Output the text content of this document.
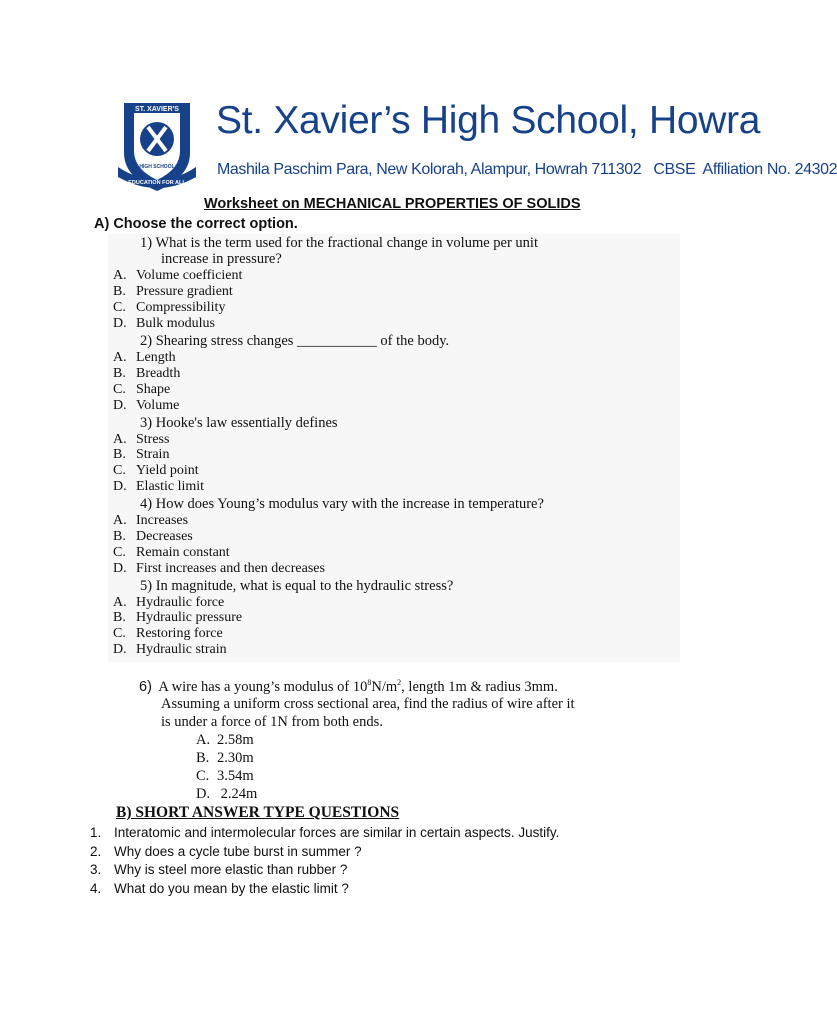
ST. XAVIER'S
EDUCATION FOR ALL
HIGH SCHOOL
St. Xavier’s High School, Howra
Mashila Paschim Para, New Kolorah, Alampur, Howrah 711302   CBSE  Affiliation No. 24302
Worksheet on MECHANICAL PROPERTIES OF SOLIDS
A) Choose the correct option.
1) What is the term used for the fractional change in volume per unit
increase in pressure?
A. Volume coefficient
B. Pressure gradient
C. Compressibility
D. Bulk modulus
2) Shearing stress changes ___________ of the body.
A. Length
B. Breadth
C. Shape
D. Volume
3) Hooke's law essentially defines
A. Stress
B. Strain
C. Yield point
D. Elastic limit
4) How does Young’s modulus vary with the increase in temperature?
A. Increases
B. Decreases
C. Remain constant
D. First increases and then decreases
5) In magnitude, what is equal to the hydraulic stress?
A. Hydraulic force
B. Hydraulic pressure
C. Restoring force
D. Hydraulic strain
6) A wire has a young’s modulus of $10^8N/m^2$, length 1m & radius 3mm.
Assuming a uniform cross sectional area, find the radius of wire after it
is under a force of 1N from both ends.
A. 2.58m
B. 2.30m
C. 3.54m
D. 2.24m
B) SHORT ANSWER TYPE QUESTIONS
1. Interatomic and intermolecular forces are similar in certain aspects. Justify.
2. Why does a cycle tube burst in summer ?
3. Why is steel more elastic than rubber ?
4. What do you mean by the elastic limit ?
